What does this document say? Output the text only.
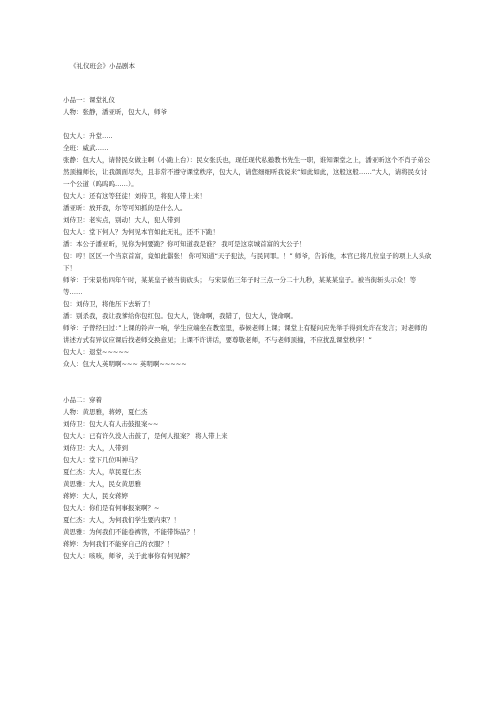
《礼仪班会》小品剧本
小品一：课堂礼仪
人物：张静，潘亚昕，包大人，师爷
包大人：升堂…..
全班：威武……
张静：包大人，请替民女做主啊（小跪上台）：民女张氏也，现任现代私塾教书先生一职，谁知课堂之上，潘亚昕这个不肖子弟公然顶撞师长，让我颜面尽失，且非常不遵守课堂秩序，包大人，请您细细听我说来“如此如此，这般这般……”大人，请将民女讨一个公道（呜呜呜……）。
包大人：还有这等狂徒！刘侍卫，将犯人带上来！
潘亚昕：放开我，尔等可知抓的是什么人。
刘侍卫：老实点，别动！大人，犯人带到
包大人：堂下何人？为何见本官如此无礼，还不下跪！
潘：本公子潘亚昕，见你为何要跪？你可知道我是谁？ 我可是这京城首富的大公子！
包：哼！区区一个当京首富，竟如此嚣张！ 你可知道“天子犯法，与民同罪。！” 师爷，告诉他，本官已将几位皇子的项上人头砍下！
师爷：于宋景佑四年午时，某某皇子被当街砍头； 与宋景佑三年子时三点一分二十九秒，某某某皇子。被当街斩头示众！等等……
包：刘侍卫，将他压下去斩了！
潘：别杀我，我让我爹给你包红包。包大人，饶命啊，我错了，包大人，饶命啊。
师爷：子曾经曰过：”上课的铃声一响，学生应端坐在教室里，恭候老师上课；课堂上有疑问应先举手得到允许在发言；对老师的讲述方式有异议应课后找老师交换意见；上课不许讲话，要尊敬老师，不与老师顶撞，不应扰乱课堂秩序！”
包大人：退堂~~~~~
众人：包大人英明啊~~~ 英明啊~~~~~
小品二：穿着
人物：黄思雅，蒋婷，夏仁杰
刘侍卫：包大人有人击鼓报案~~
包大人：已有许久没人击鼓了，是何人报案？ 将人带上来
刘侍卫：大人，人带到
包大人：堂下几位叫神马？
夏仁杰：大人，草民夏仁杰
黄思雅：大人，民女黄思雅
蒋婷：大人，民女蒋婷
包大人：你们是有何事报案啊？~
夏仁杰：大人，为何我们学生要内束？！
黄思雅：为何我们不能卷裤管，不能带饰品？！
蒋婷：为何我们不能穿自己的衣服？！
包大人：咳咳，师爷，关于此事你有何见解？
